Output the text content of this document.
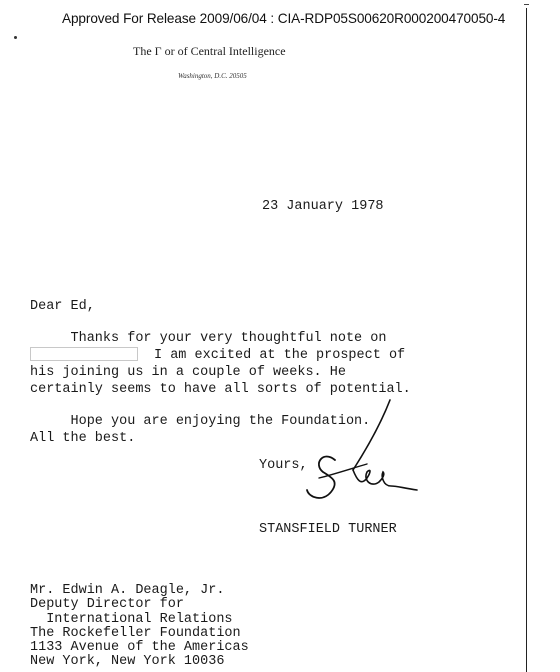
Approved For Release 2009/06/04 : CIA-RDP05S00620R000200470050-4
The Γ or of Central Intelligence
Washington, D.C. 20505
23 January 1978
Dear Ed,
Thanks for your very thoughtful note on
I am excited at the prospect of
his joining us in a couple of weeks. He
certainly seems to have all sorts of potential.
Hope you are enjoying the Foundation.
All the best.
Yours,
STANSFIELD TURNER
Mr. Edwin A. Deagle, Jr.
Deputy Director for
International Relations
The Rockefeller Foundation
1133 Avenue of the Americas
New York, New York 10036
